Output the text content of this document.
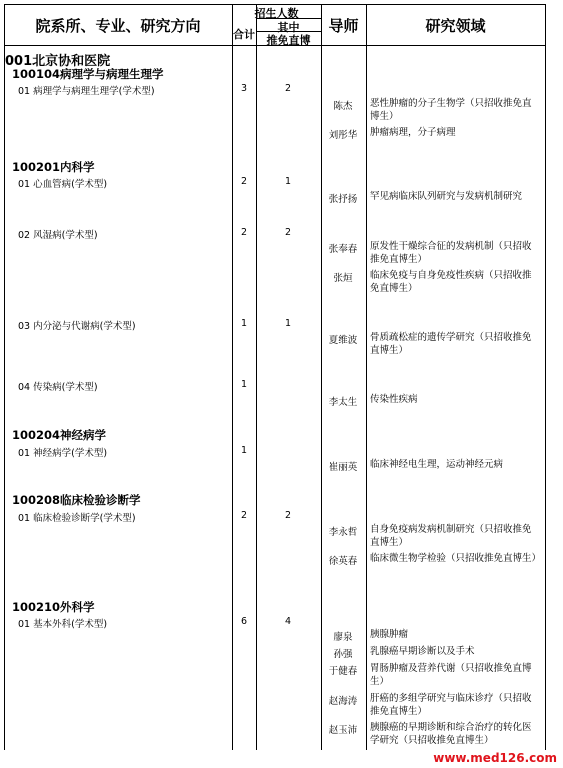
院系所、专业、研究方向
招生人数
合计
其中
推免直博
导师	研究领域
001北京协和医院
100104病理学与病理生理学
01 病理学与病理生理学(学术型)	3	2
陈杰	恶性肿瘤的分子生物学（只招收推免直博生）
刘彤华	肿瘤病理，分子病理
100201内科学
01 心血管病(学术型)	2	1
张抒扬	罕见病临床队列研究与发病机制研究
02 风湿病(学术型)	2	2
张奉春	原发性干燥综合征的发病机制（只招收推免直博生）
张烜	临床免疫与自身免疫性疾病（只招收推免直博生）
03 内分泌与代谢病(学术型)	1	1
夏维波	骨质疏松症的遗传学研究（只招收推免直博生）
04 传染病(学术型)	1
李太生	传染性疾病
100204神经病学
01 神经病学(学术型)	1
崔丽英	临床神经电生理，运动神经元病
100208临床检验诊断学
01 临床检验诊断学(学术型)	2	2
李永哲	自身免疫病发病机制研究（只招收推免直博生）
徐英春	临床微生物学检验（只招收推免直博生）
100210外科学
01 基本外科(学术型)	6	4
廖泉	胰腺肿瘤
孙强	乳腺癌早期诊断以及手术
于健春	胃肠肿瘤及营养代谢（只招收推免直博生）
赵海涛	肝癌的多组学研究与临床诊疗（只招收推免直博生）
赵玉沛	胰腺癌的早期诊断和综合治疗的转化医学研究（只招收推免直博生）
www.med126.com
